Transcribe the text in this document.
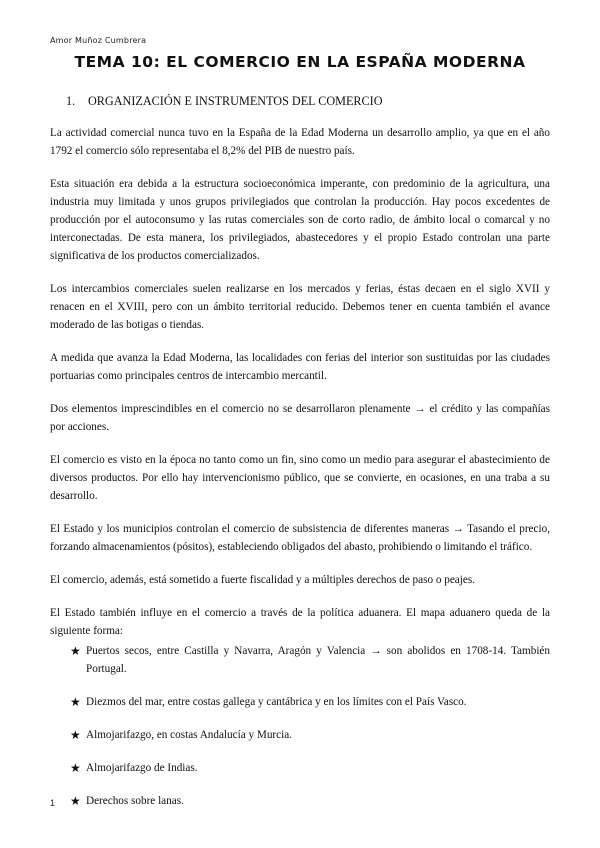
Amor Muñoz Cumbrera
TEMA 10: EL COMERCIO EN LA ESPAÑA MODERNA
1. ORGANIZACIÓN E INSTRUMENTOS DEL COMERCIO

La actividad comercial nunca tuvo en la España de la Edad Moderna un desarrollo amplio, ya que en el año 1792 el comercio sólo representaba el 8,2% del PIB de nuestro país.

Esta situación era debida a la estructura socioeconómica imperante, con predominio de la agricultura, una industria muy limitada y unos grupos privilegiados que controlan la producción. Hay pocos excedentes de producción por el autoconsumo y las rutas comerciales son de corto radio, de ámbito local o comarcal y no interconectadas. De esta manera, los privilegiados, abastecedores y el propio Estado controlan una parte significativa de los productos comercializados.

Los intercambios comerciales suelen realizarse en los mercados y ferias, éstas decaen en el siglo XVII y renacen en el XVIII, pero con un ámbito territorial reducido. Debemos tener en cuenta también el avance moderado de las botigas o tiendas.

A medida que avanza la Edad Moderna, las localidades con ferias del interior son sustituidas por las ciudades portuarias como principales centros de intercambio mercantil.

Dos elementos imprescindibles en el comercio no se desarrollaron plenamente → el crédito y las compañías por acciones.

El comercio es visto en la época no tanto como un fin, sino como un medio para asegurar el abastecimiento de diversos productos. Por ello hay intervencionismo público, que se convierte, en ocasiones, en una traba a su desarrollo.

El Estado y los municipios controlan el comercio de subsistencia de diferentes maneras → Tasando el precio, forzando almacenamientos (pósitos), estableciendo obligados del abasto, prohibiendo o limitando el tráfico.

El comercio, además, está sometido a fuerte fiscalidad y a múltiples derechos de paso o peajes.

El Estado también influye en el comercio a través de la política aduanera. El mapa aduanero queda de la siguiente forma:

★ Puertos secos, entre Castilla y Navarra, Aragón y Valencia → son abolidos en 1708-14. También Portugal.
★ Diezmos del mar, entre costas gallega y cantábrica y en los límites con el País Vasco.
★ Almojarifazgo, en costas Andalucía y Murcia.
★ Almojarifazgo de Indias.
★ Derechos sobre lanas.
1
